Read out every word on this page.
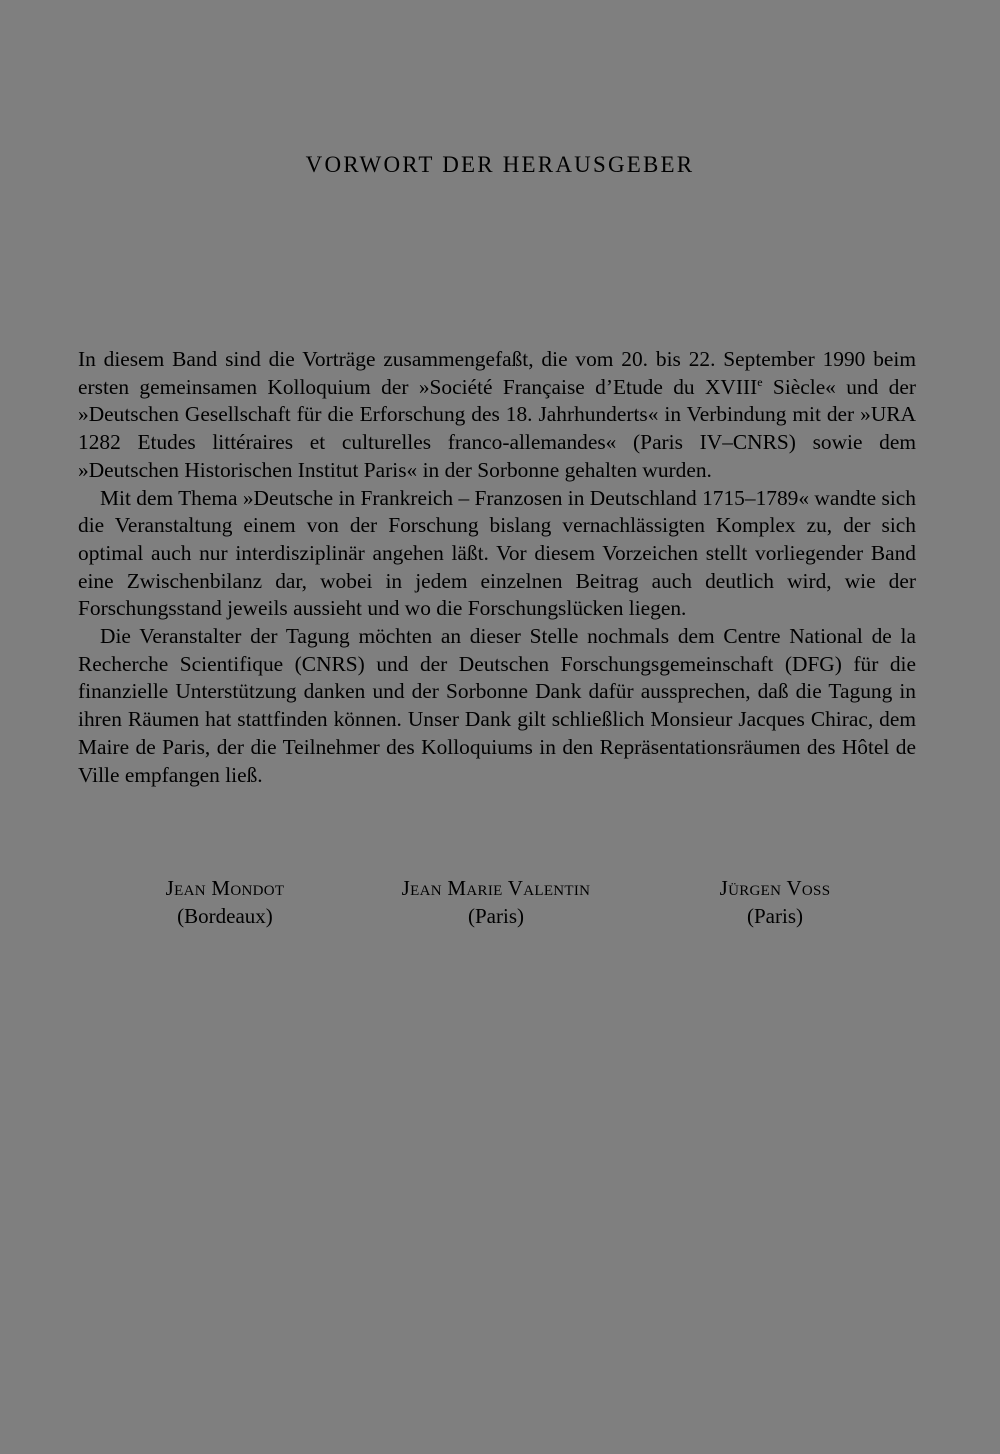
VORWORT DER HERAUSGEBER

In diesem Band sind die Vorträge zusammengefaßt, die vom 20. bis 22. September 1990 beim ersten gemeinsamen Kolloquium der »Société Française d’Etude du XVIIIe Siècle« und der »Deutschen Gesellschaft für die Erforschung des 18. Jahrhunderts« in Verbindung mit der »URA 1282 Etudes littéraires et culturelles franco-allemandes« (Paris IV–CNRS) sowie dem »Deutschen Historischen Institut Paris« in der Sorbonne gehalten wurden.

Mit dem Thema »Deutsche in Frankreich – Franzosen in Deutschland 1715–1789« wandte sich die Veranstaltung einem von der Forschung bislang vernachlässigten Komplex zu, der sich optimal auch nur interdisziplinär angehen läßt. Vor diesem Vorzeichen stellt vorliegender Band eine Zwischenbilanz dar, wobei in jedem einzelnen Beitrag auch deutlich wird, wie der Forschungsstand jeweils aussieht und wo die Forschungslücken liegen.

Die Veranstalter der Tagung möchten an dieser Stelle nochmals dem Centre National de la Recherche Scientifique (CNRS) und der Deutschen Forschungsgemeinschaft (DFG) für die finanzielle Unterstützung danken und der Sorbonne Dank dafür aussprechen, daß die Tagung in ihren Räumen hat stattfinden können. Unser Dank gilt schließlich Monsieur Jacques Chirac, dem Maire de Paris, der die Teilnehmer des Kolloquiums in den Repräsentationsräumen des Hôtel de Ville empfangen ließ.

Jean Mondot
(Bordeaux)
Jean Marie Valentin
(Paris)
Jürgen Voss
(Paris)
